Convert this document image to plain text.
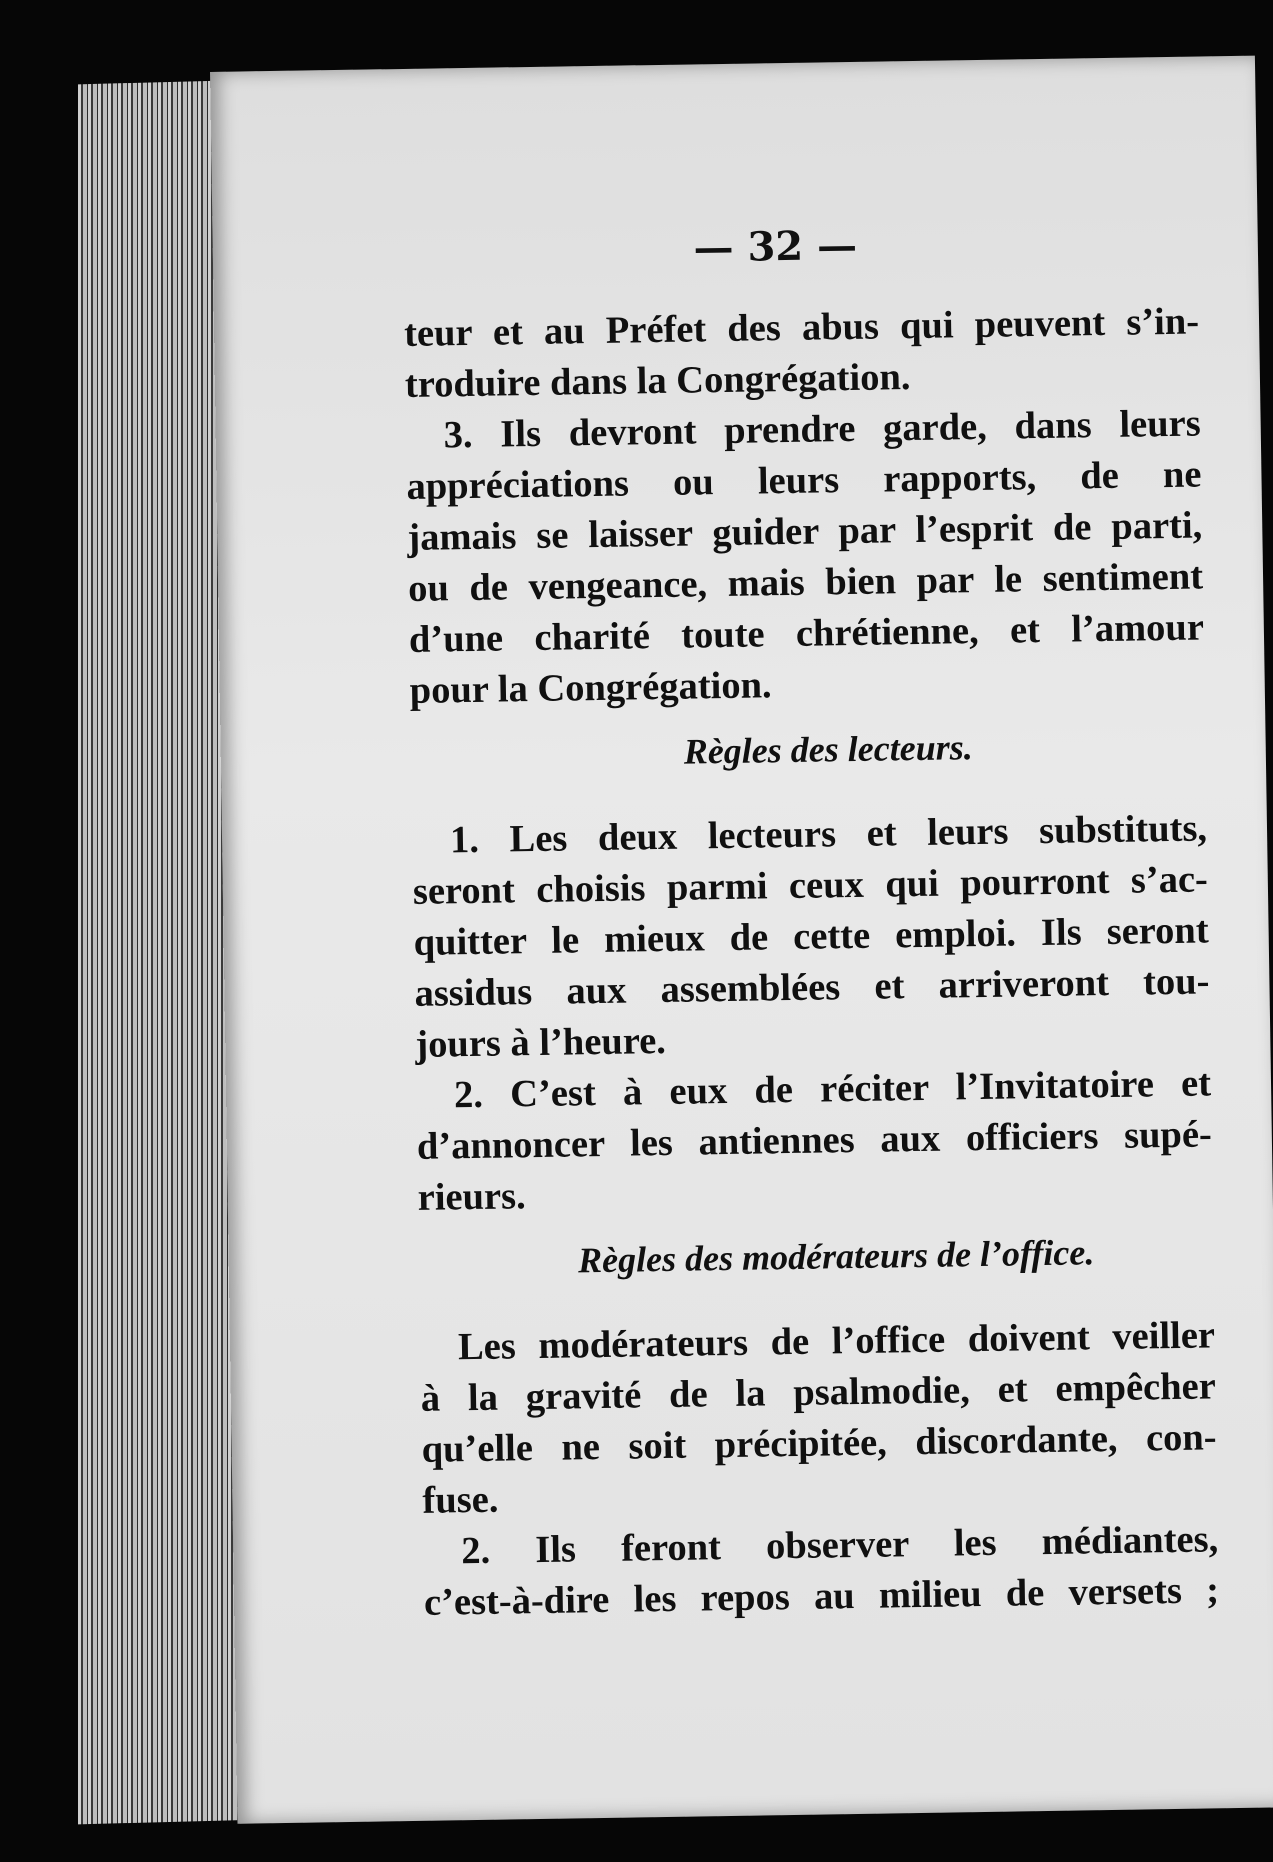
— 32 —
teur et au Préfet des abus qui peuvent s’in-
troduire dans la Congrégation.
3. Ils devront prendre garde, dans leurs
appréciations ou leurs rapports, de ne
jamais se laisser guider par l’esprit de parti,
ou de vengeance, mais bien par le sentiment
d’une charité toute chrétienne, et l’amour
pour la Congrégation.
Règles des lecteurs.
1. Les deux lecteurs et leurs substituts,
seront choisis parmi ceux qui pourront s’ac-
quitter le mieux de cette emploi. Ils seront
assidus aux assemblées et arriveront tou-
jours à l’heure.
2. C’est à eux de réciter l’Invitatoire et
d’annoncer les antiennes aux officiers supé-
rieurs.
Règles des modérateurs de l’office.
Les modérateurs de l’office doivent veiller
à la gravité de la psalmodie, et empêcher
qu’elle ne soit précipitée, discordante, con-
fuse.
2. Ils feront observer les médiantes,
c’est-à-dire les repos au milieu de versets ;
